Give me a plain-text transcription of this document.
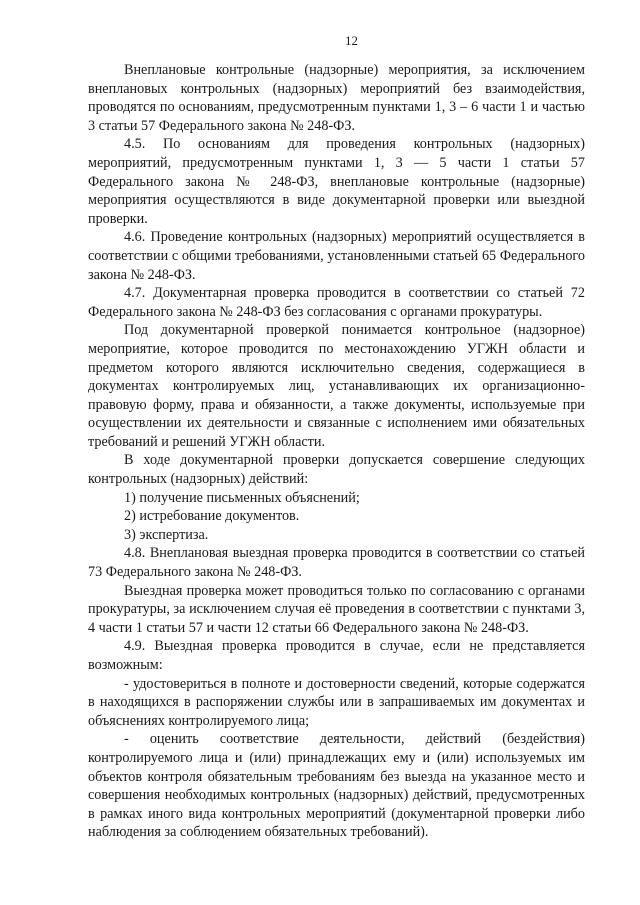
12

Внеплановые контрольные (надзорные) мероприятия, за исключением внеплановых контрольных (надзорных) мероприятий без взаимодействия, проводятся по основаниям, предусмотренным пунктами 1, 3 – 6 части 1 и частью 3 статьи 57 Федерального закона № 248-ФЗ.

4.5. По основаниям для проведения контрольных (надзорных) мероприятий, предусмотренным пунктами 1, 3 — 5 части 1 статьи 57 Федерального закона № 248-ФЗ, внеплановые контрольные (надзорные) мероприятия осуществляются в виде документарной проверки или выездной проверки.

4.6. Проведение контрольных (надзорных) мероприятий осуществляется в соответствии с общими требованиями, установленными статьей 65 Федерального закона № 248-ФЗ.

4.7. Документарная проверка проводится в соответствии со статьей 72 Федерального закона № 248-ФЗ без согласования с органами прокуратуры.

Под документарной проверкой понимается контрольное (надзорное) мероприятие, которое проводится по местонахождению УГЖН области и предметом которого являются исключительно сведения, содержащиеся в документах контролируемых лиц, устанавливающих их организационно-правовую форму, права и обязанности, а также документы, используемые при осуществлении их деятельности и связанные с исполнением ими обязательных требований и решений УГЖН области.

В ходе документарной проверки допускается совершение следующих контрольных (надзорных) действий:

1) получение письменных объяснений;

2) истребование документов.

3) экспертиза.

4.8. Внеплановая выездная проверка проводится в соответствии со статьей 73 Федерального закона № 248-ФЗ.

Выездная проверка может проводиться только по согласованию с органами прокуратуры, за исключением случая её проведения в соответствии с пунктами 3, 4 части 1 статьи 57 и части 12 статьи 66 Федерального закона № 248-ФЗ.

4.9. Выездная проверка проводится в случае, если не представляется возможным:

- удостовериться в полноте и достоверности сведений, которые содержатся в находящихся в распоряжении службы или в запрашиваемых им документах и объяснениях контролируемого лица;

- оценить соответствие деятельности, действий (бездействия) контролируемого лица и (или) принадлежащих ему и (или) используемых им объектов контроля обязательным требованиям без выезда на указанное место и совершения необходимых контрольных (надзорных) действий, предусмотренных в рамках иного вида контрольных мероприятий (документарной проверки либо наблюдения за соблюдением обязательных требований).
